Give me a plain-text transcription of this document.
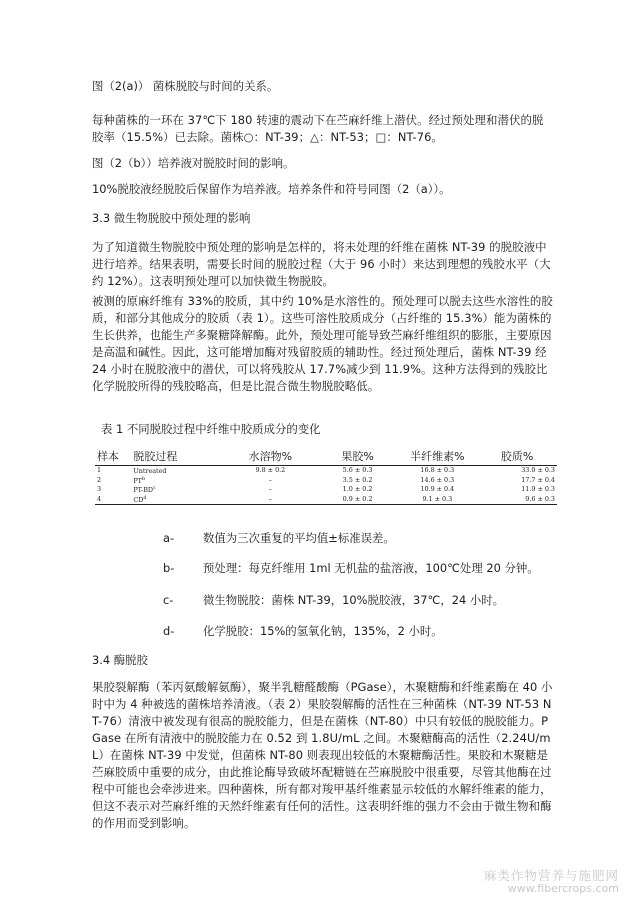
图（2(a)） 菌株脱胶与时间的关系。

每种菌株的一环在 37℃下 180 转速的震动下在苎麻纤维上潜伏。经过预处理和潜伏的脱胶率（15.5%）已去除。菌株○：NT-39；△：NT-53；□：NT-76。

图（2（b））培养液对脱胶时间的影响。

10%脱胶液经脱胶后保留作为培养液。培养条件和符号同图（2（a））。

3.3 微生物脱胶中预处理的影响

为了知道微生物脱胶中预处理的影响是怎样的，将未处理的纤维在菌株 NT-39 的脱胶液中进行培养。结果表明，需要长时间的脱胶过程（大于 96 小时）来达到理想的残胶水平（大约 12%）。这表明预处理可以加快微生物脱胶。

被测的原麻纤维有 33%的胶质，其中约 10%是水溶性的。预处理可以脱去这些水溶性的胶质，和部分其他成分的胶质（表 1）。这些可溶性胶质成分（占纤维的 15.3%）能为菌株的生长供养，也能生产多聚糖降解酶。此外，预处理可能导致苎麻纤维组织的膨胀，主要原因是高温和碱性。因此，这可能增加酶对残留胶质的辅助性。经过预处理后，菌株 NT-39 经 24 小时在脱胶液中的潜伏，可以将残胶从 17.7%减少到 11.9%。这种方法得到的残胶比化学脱胶所得的残胶略高，但是比混合微生物脱胶略低。

表 1 不同脱胶过程中纤维中胶质成分的变化

样本	脱胶过程	水溶物%	果胶%	半纤维素%	胶质%
1	Untreated	9.8 ± 0.2	5.6 ± 0.3	16.8 ± 0.3	33.0 ± 0.3
2	$PT^b$	–	3.5 ± 0.2	14.6 ± 0.3	17.7 ± 0.4
3	$PT-BD^c$	–	1.0 ± 0.2	10.9 ± 0.4	11.9 ± 0.3
4	$CD^d$	–	0.9 ± 0.2	9.1 ± 0.3	9.6 ± 0.3

a-	数值为三次重复的平均值±标准误差。

b-	预处理：每克纤维用 1ml 无机盐的盐溶液，100℃处理 20 分钟。

c-	微生物脱胶：菌株 NT-39，10%脱胶液，37℃，24 小时。

d-	化学脱胶：15%的氢氧化钠，135%，2 小时。

3.4 酶脱胶

果胶裂解酶（苯丙氨酸解氨酶），聚半乳糖醛酸酶（PGase），木聚糖酶和纤维素酶在 40 小时中为 4 种被选的菌株培养清液。（表 2）果胶裂解酶的活性在三种菌株（NT-39 NT-53 NT-76）清液中被发现有很高的脱胶能力，但是在菌株（NT-80）中只有较低的脱胶能力。PGase 在所有清液中的脱胶能力在 0.52 到 1.8U/mL 之间。木聚糖酶高的活性（2.24U/mL）在菌株 NT-39 中发觉，但菌株 NT-80 则表现出较低的木聚糖酶活性。果胶和木聚糖是苎麻胶质中重要的成分，由此推论酶导致破坏配糖链在苎麻脱胶中很重要，尽管其他酶在过程中可能也会牵涉进来。四种菌株，所有都对羧甲基纤维素显示较低的水解纤维素的能力，但这不表示对苎麻纤维的天然纤维素有任何的活性。这表明纤维的强力不会由于微生物和酶的作用而受到影响。

麻类作物营养与施肥网
www.fibercrops.com
